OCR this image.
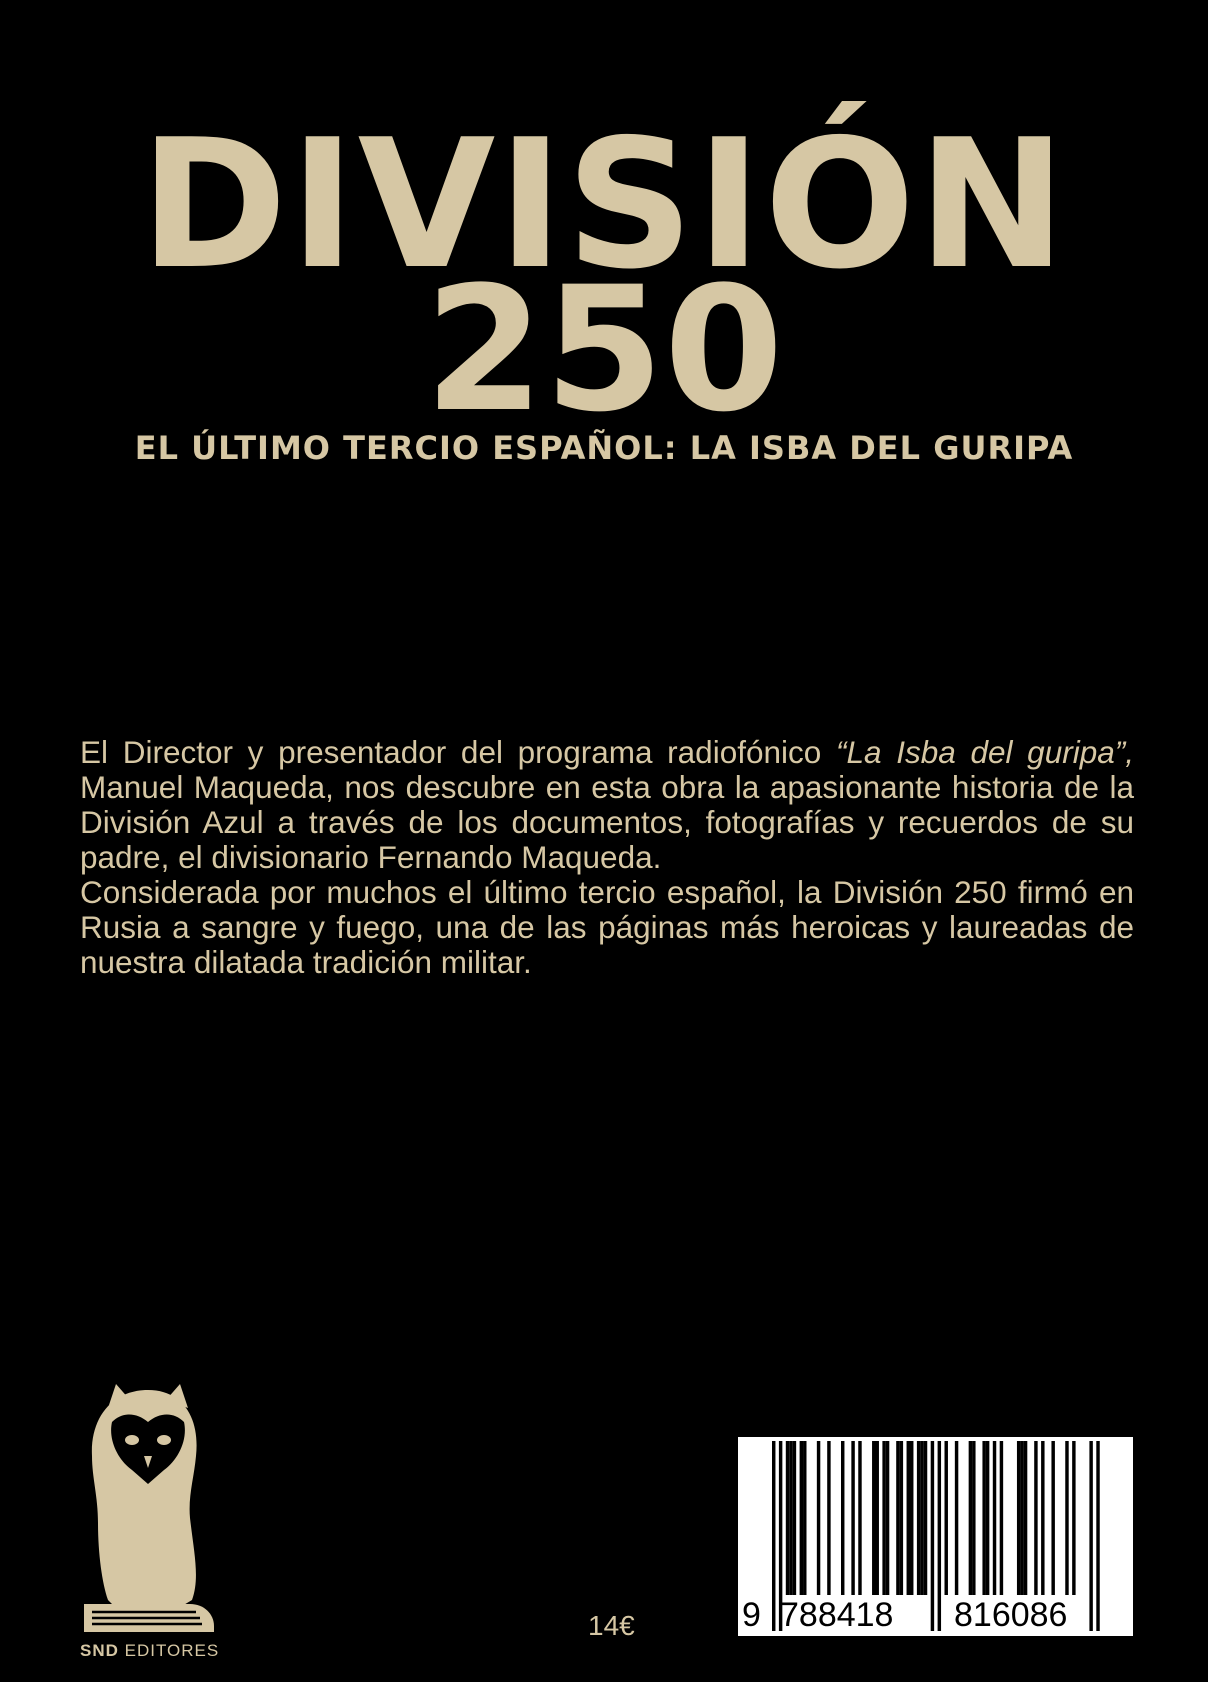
DIVISIÓN
250
EL ÚLTIMO TERCIO ESPAÑOL: LA ISBA DEL GURIPA

El Director y presentador del programa radiofónico “La Isba del guripa”, Manuel Maqueda, nos descubre en esta obra la apasionante historia de la División Azul a través de los documentos, fotografías y recuerdos de su padre, el divisionario Fernando Maqueda.

Considerada por muchos el último tercio español, la División 250 firmó en Rusia a sangre y fuego, una de las páginas más heroicas y laureadas de nuestra dilatada tradición militar.

SND EDITORES
14€	9 788418 816086
